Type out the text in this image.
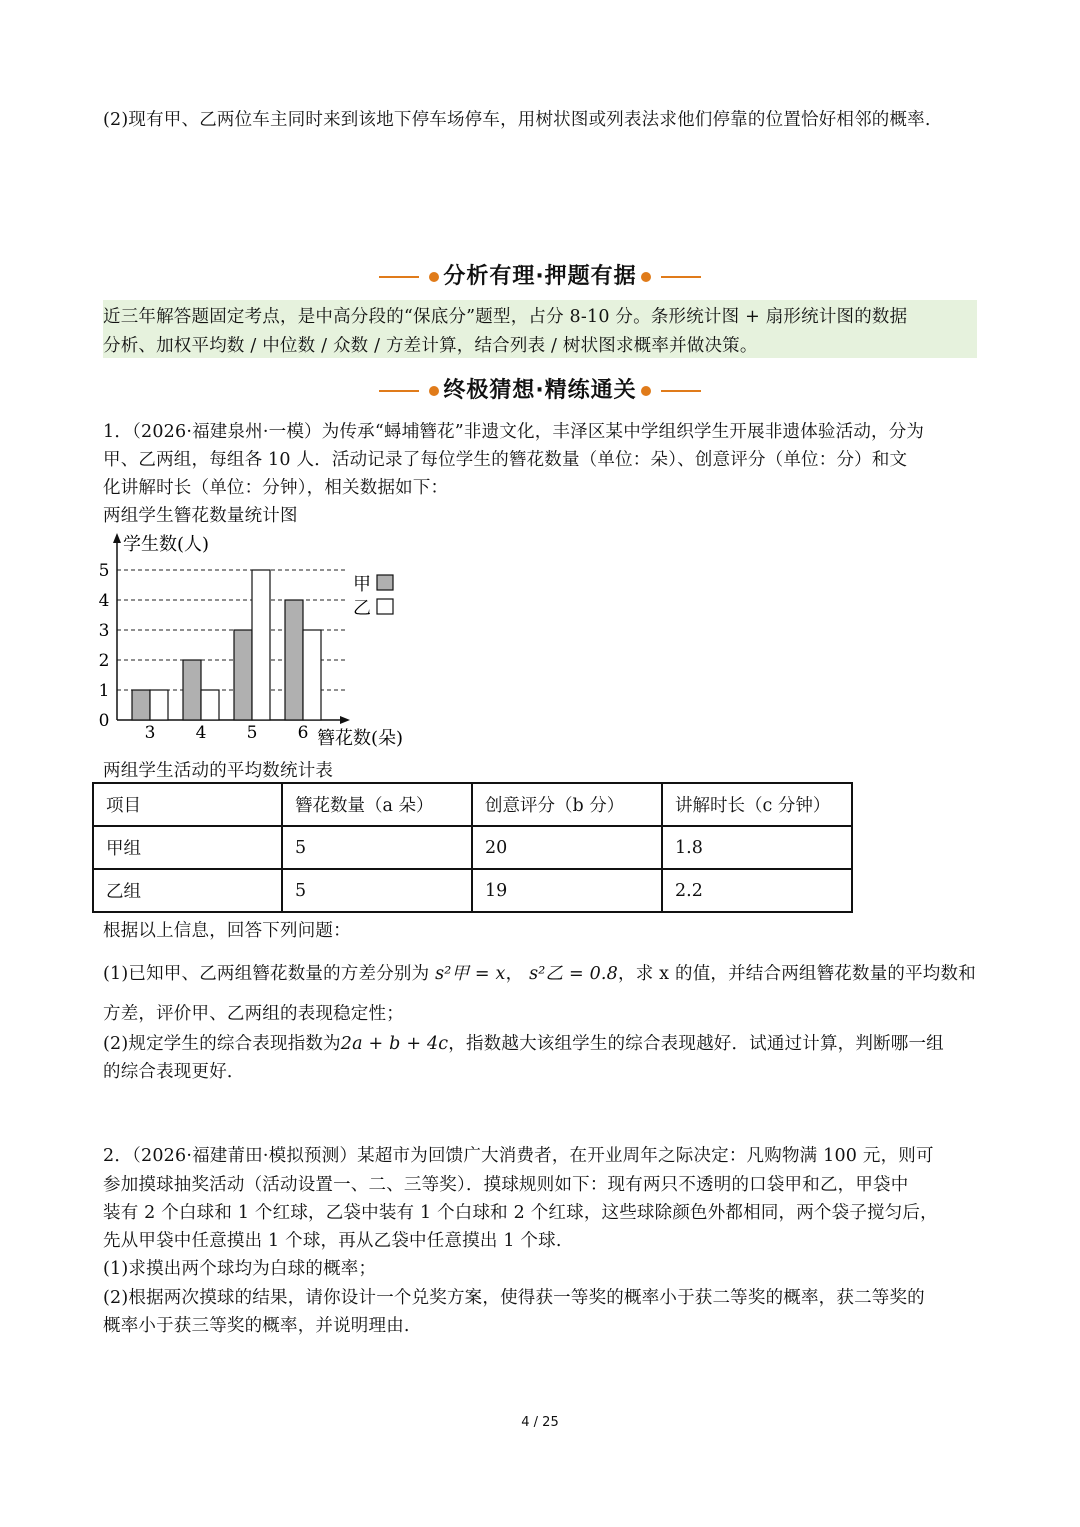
(2)现有甲、乙两位车主同时来到该地下停车场停车，用树状图或列表法求他们停靠的位置恰好相邻的概率.
分析有理·押题有据
近三年解答题固定考点，是中高分段的“保底分”题型，占分 8-10 分。条形统计图 + 扇形统计图的数据
分析、加权平均数 / 中位数 / 众数 / 方差计算，结合列表 / 树状图求概率并做决策。
终极猜想·精练通关
1．（2026·福建泉州·一模）为传承“蟳埔簪花”非遗文化，丰泽区某中学组织学生开展非遗体验活动，分为
甲、乙两组，每组各 10 人．活动记录了每位学生的簪花数量（单位：朵）、创意评分（单位：分）和文
化讲解时长（单位：分钟），相关数据如下：
两组学生簪花数量统计图
0
1
2
3
4
5
学生数(人)
簪花数(朵)
3 4 5 6
甲
乙
两组学生活动的平均数统计表
项目	簪花数量（a 朵）	创意评分（b 分）	讲解时长（c 分钟）
甲组	5	20	1.8
乙组	5	19	2.2
根据以上信息，回答下列问题：
(1)已知甲、乙两组簪花数量的方差分别为 s²甲 = x， s²乙 = 0.8，求 x 的值，并结合两组簪花数量的平均数和
方差，评价甲、乙两组的表现稳定性；
(2)规定学生的综合表现指数为2a + b + 4c，指数越大该组学生的综合表现越好．试通过计算，判断哪一组
的综合表现更好．
2．（2026·福建莆田·模拟预测）某超市为回馈广大消费者，在开业周年之际决定：凡购物满 100 元，则可
参加摸球抽奖活动（活动设置一、二、三等奖）．摸球规则如下：现有两只不透明的口袋甲和乙，甲袋中
装有 2 个白球和 1 个红球，乙袋中装有 1 个白球和 2 个红球，这些球除颜色外都相同，两个袋子搅匀后，
先从甲袋中任意摸出 1 个球，再从乙袋中任意摸出 1 个球.
(1)求摸出两个球均为白球的概率；
(2)根据两次摸球的结果，请你设计一个兑奖方案，使得获一等奖的概率小于获二等奖的概率，获二等奖的
概率小于获三等奖的概率，并说明理由.
4 / 25
